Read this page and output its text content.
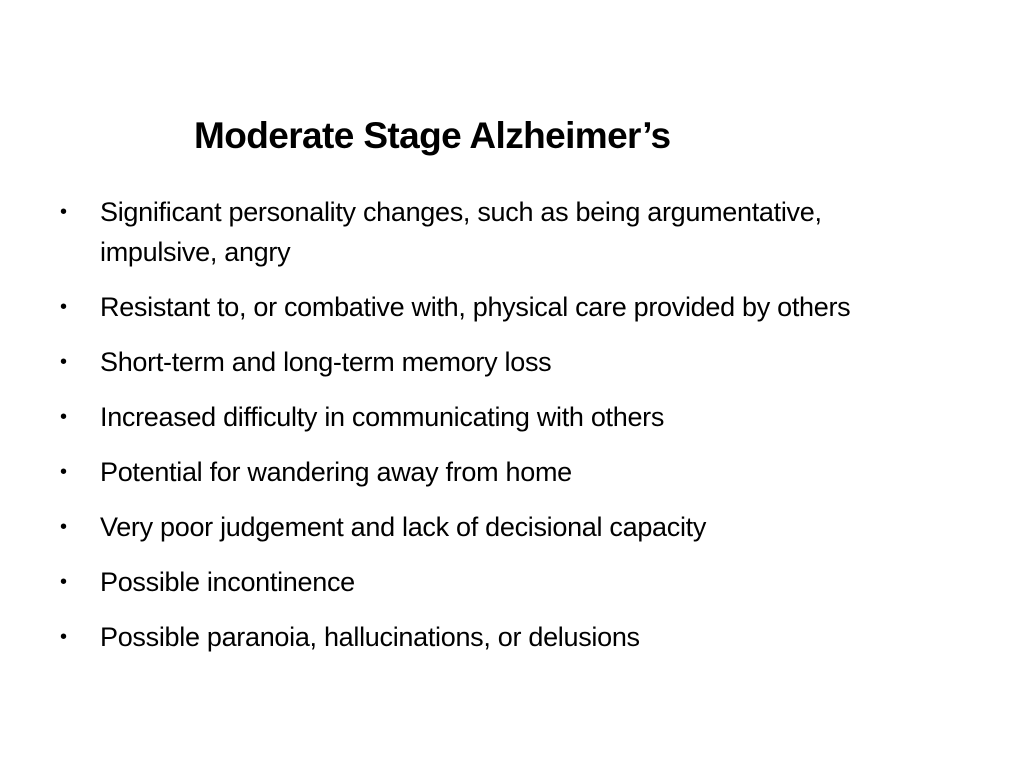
Moderate Stage Alzheimer’s
• Significant personality changes, such as being argumentative, impulsive, angry
• Resistant to, or combative with, physical care provided by others
• Short-term and long-term memory loss
• Increased difficulty in communicating with others
• Potential for wandering away from home
• Very poor judgement and lack of decisional capacity
• Possible incontinence
• Possible paranoia, hallucinations, or delusions
